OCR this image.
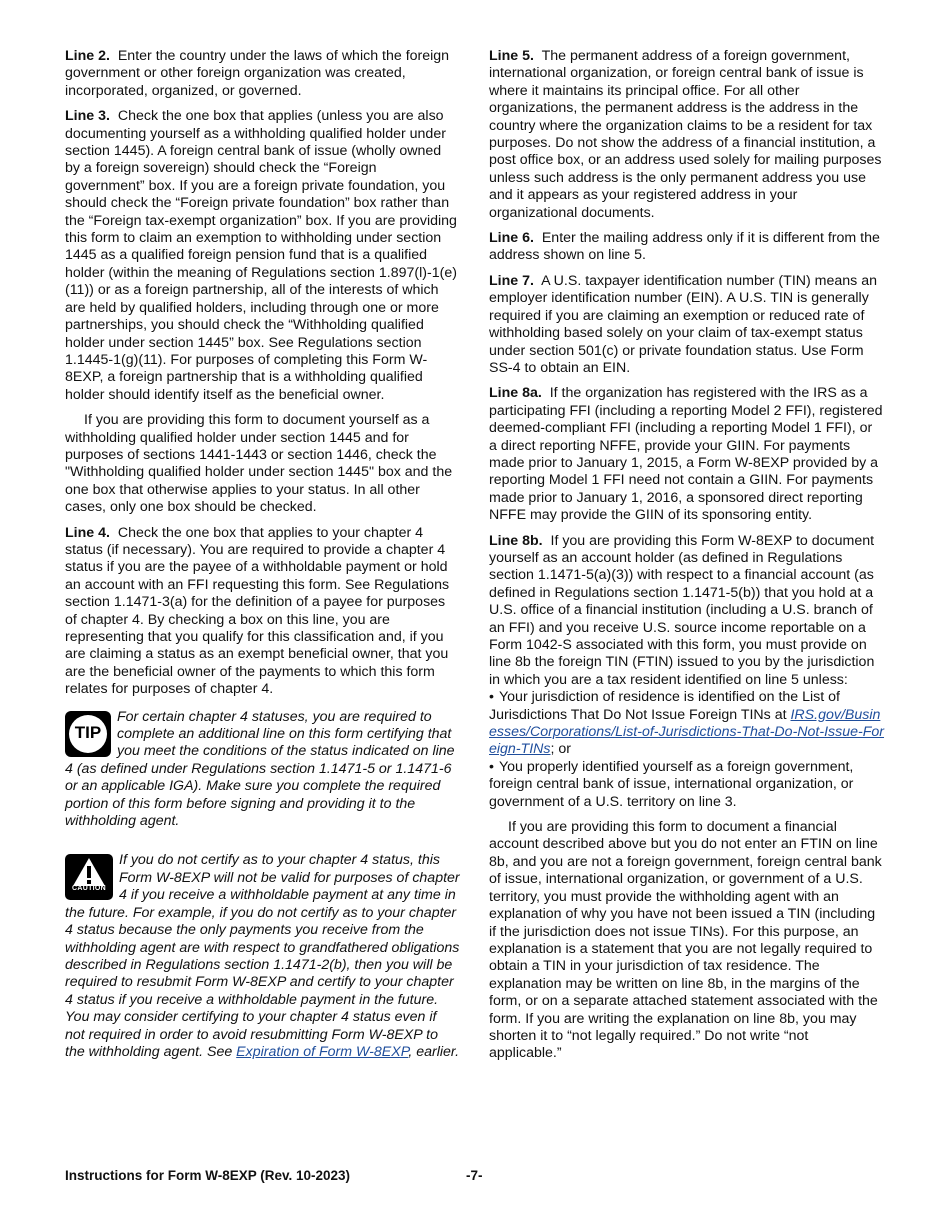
Line 2. Enter the country under the laws of which the foreign government or other foreign organization was created, incorporated, organized, or governed.

Line 3. Check the one box that applies (unless you are also documenting yourself as a withholding qualified holder under section 1445). A foreign central bank of issue (wholly owned by a foreign sovereign) should check the “Foreign government” box. If you are a foreign private foundation, you should check the “Foreign private foundation” box rather than the “Foreign tax-exempt organization” box. If you are providing this form to claim an exemption to withholding under section 1445 as a qualified foreign pension fund that is a qualified holder (within the meaning of Regulations section 1.897(l)-1(e)(11)) or as a foreign partnership, all of the interests of which are held by qualified holders, including through one or more partnerships, you should check the “Withholding qualified holder under section 1445” box. See Regulations section 1.1445-1(g)(11). For purposes of completing this Form W-8EXP, a foreign partnership that is a withholding qualified holder should identify itself as the beneficial owner.

If you are providing this form to document yourself as a withholding qualified holder under section 1445 and for purposes of sections 1441-1443 or section 1446, check the "Withholding qualified holder under section 1445" box and the one box that otherwise applies to your status. In all other cases, only one box should be checked.

Line 4. Check the one box that applies to your chapter 4 status (if necessary). You are required to provide a chapter 4 status if you are the payee of a withholdable payment or hold an account with an FFI requesting this form. See Regulations section 1.1471-3(a) for the definition of a payee for purposes of chapter 4. By checking a box on this line, you are representing that you qualify for this classification and, if you are claiming a status as an exempt beneficial owner, that you are the beneficial owner of the payments to which this form relates for purposes of chapter 4.

TIP
For certain chapter 4 statuses, you are required to complete an additional line on this form certifying that you meet the conditions of the status indicated on line 4 (as defined under Regulations section 1.1471-5 or 1.1471-6 or an applicable IGA). Make sure you complete the required portion of this form before signing and providing it to the withholding agent.
CAUTION
If you do not certify as to your chapter 4 status, this Form W-8EXP will not be valid for purposes of chapter 4 if you receive a withholdable payment at any time in the future. For example, if you do not certify as to your chapter 4 status because the only payments you receive from the withholding agent are with respect to grandfathered obligations described in Regulations section 1.1471-2(b), then you will be required to resubmit Form W-8EXP and certify to your chapter 4 status if you receive a withholdable payment in the future. You may consider certifying to your chapter 4 status even if not required in order to avoid resubmitting Form W-8EXP to the withholding agent. See Expiration of Form W-8EXP, earlier.

Line 5. The permanent address of a foreign government, international organization, or foreign central bank of issue is where it maintains its principal office. For all other organizations, the permanent address is the address in the country where the organization claims to be a resident for tax purposes. Do not show the address of a financial institution, a post office box, or an address used solely for mailing purposes unless such address is the only permanent address you use and it appears as your registered address in your organizational documents.

Line 6. Enter the mailing address only if it is different from the address shown on line 5.

Line 7. A U.S. taxpayer identification number (TIN) means an employer identification number (EIN). A U.S. TIN is generally required if you are claiming an exemption or reduced rate of withholding based solely on your claim of tax-exempt status under section 501(c) or private foundation status. Use Form SS-4 to obtain an EIN.

Line 8a. If the organization has registered with the IRS as a participating FFI (including a reporting Model 2 FFI), registered deemed-compliant FFI (including a reporting Model 1 FFI), or a direct reporting NFFE, provide your GIIN. For payments made prior to January 1, 2015, a Form W-8EXP provided by a reporting Model 1 FFI need not contain a GIIN. For payments made prior to January 1, 2016, a sponsored direct reporting NFFE may provide the GIIN of its sponsoring entity.

Line 8b. If you are providing this Form W-8EXP to document yourself as an account holder (as defined in Regulations section 1.1471-5(a)(3)) with respect to a financial account (as defined in Regulations section 1.1471-5(b)) that you hold at a U.S. office of a financial institution (including a U.S. branch of an FFI) and you receive U.S. source income reportable on a Form 1042-S associated with this form, you must provide on line 8b the foreign TIN (FTIN) issued to you by the jurisdiction in which you are a tax resident identified on line 5 unless:

• Your jurisdiction of residence is identified on the List of Jurisdictions That Do Not Issue Foreign TINs at IRS.gov/Businesses/Corporations/List-of-Jurisdictions-That-Do-Not-Issue-Foreign-TINs; or

• You properly identified yourself as a foreign government, foreign central bank of issue, international organization, or government of a U.S. territory on line 3.

If you are providing this form to document a financial account described above but you do not enter an FTIN on line 8b, and you are not a foreign government, foreign central bank of issue, international organization, or government of a U.S. territory, you must provide the withholding agent with an explanation of why you have not been issued a TIN (including if the jurisdiction does not issue TINs). For this purpose, an explanation is a statement that you are not legally required to obtain a TIN in your jurisdiction of tax residence. The explanation may be written on line 8b, in the margins of the form, or on a separate attached statement associated with the form. If you are writing the explanation on line 8b, you may shorten it to “not legally required.” Do not write “not applicable.”

Instructions for Form W-8EXP (Rev. 10-2023)	-7-
